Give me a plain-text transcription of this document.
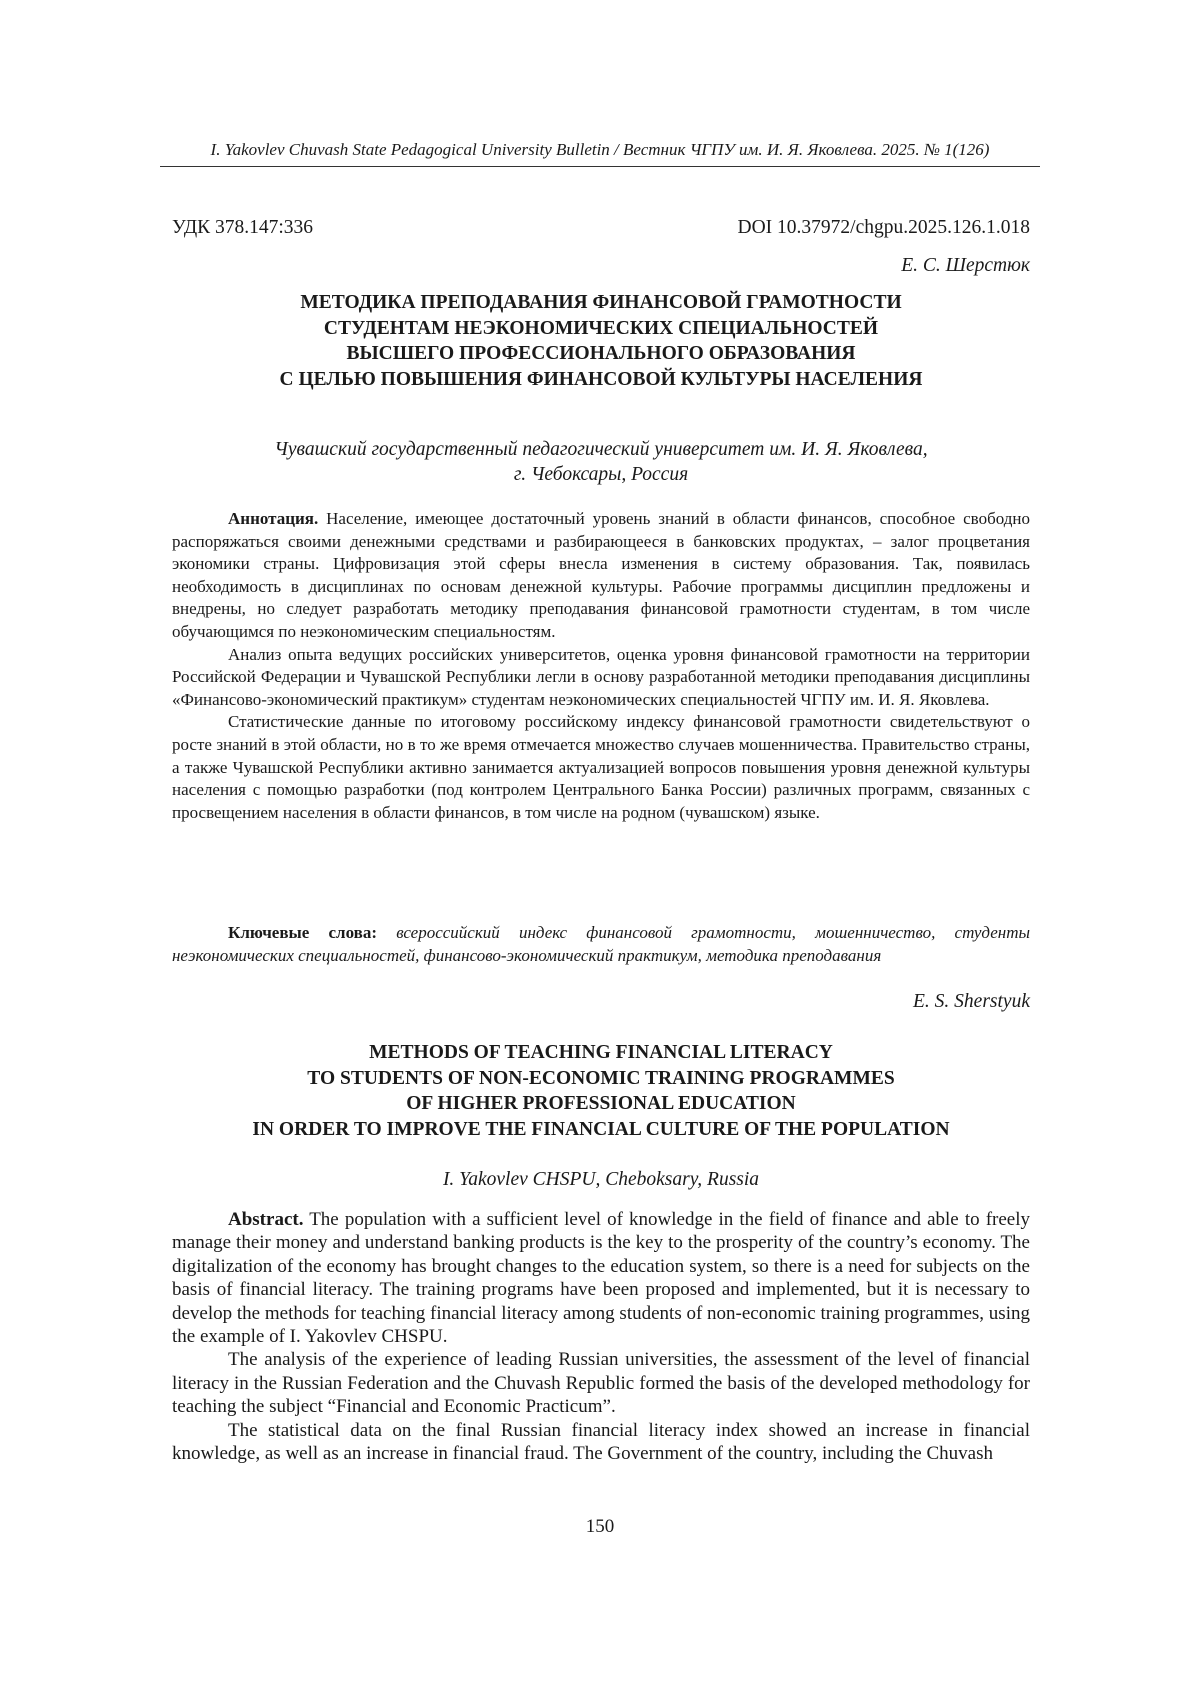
I. Yakovlev Chuvash State Pedagogical University Bulletin / Вестник ЧГПУ им. И. Я. Яковлева. 2025. № 1(126)
УДК 378.147:336	DOI 10.37972/chgpu.2025.126.1.018
Е. С. Шерстюк
МЕТОДИКА ПРЕПОДАВАНИЯ ФИНАНСОВОЙ ГРАМОТНОСТИ
СТУДЕНТАМ НЕЭКОНОМИЧЕСКИХ СПЕЦИАЛЬНОСТЕЙ
ВЫСШЕГО ПРОФЕССИОНАЛЬНОГО ОБРАЗОВАНИЯ
С ЦЕЛЬЮ ПОВЫШЕНИЯ ФИНАНСОВОЙ КУЛЬТУРЫ НАСЕЛЕНИЯ
Чувашский государственный педагогический университет им. И. Я. Яковлева,
г. Чебоксары, Россия

Аннотация. Население, имеющее достаточный уровень знаний в области финансов, способное свободно распоряжаться своими денежными средствами и разбирающееся в банковских продуктах, – залог процветания экономики страны. Цифровизация этой сферы внесла изменения в систему образования. Так, появилась необходимость в дисциплинах по основам денежной культуры. Рабочие программы дисциплин предложены и внедрены, но следует разработать методику преподавания финансовой грамотности студентам, в том числе обучающимся по неэкономическим специальностям.

Анализ опыта ведущих российских университетов, оценка уровня финансовой грамотности на территории Российской Федерации и Чувашской Республики легли в основу разработанной методики преподавания дисциплины «Финансово-экономический практикум» студентам неэкономических специальностей ЧГПУ им. И. Я. Яковлева.

Статистические данные по итоговому российскому индексу финансовой грамотности свидетельствуют о росте знаний в этой области, но в то же время отмечается множество случаев мошенничества. Правительство страны, а также Чувашской Республики активно занимается актуализацией вопросов повышения уровня денежной культуры населения с помощью разработки (под контролем Центрального Банка России) различных программ, связанных с просвещением населения в области финансов, в том числе на родном (чувашском) языке.

Ключевые слова: всероссийский индекс финансовой грамотности, мошенничество, студенты неэкономических специальностей, финансово-экономический практикум, методика преподавания
E. S. Sherstyuk
METHODS OF TEACHING FINANCIAL LITERACY
TO STUDENTS OF NON-ECONOMIC TRAINING PROGRAMMES
OF HIGHER PROFESSIONAL EDUCATION
IN ORDER TO IMPROVE THE FINANCIAL CULTURE OF THE POPULATION
I. Yakovlev CHSPU, Cheboksary, Russia

Abstract. The population with a sufficient level of knowledge in the field of finance and able to freely manage their money and understand banking products is the key to the prosperity of the country’s economy. The digitalization of the economy has brought changes to the education system, so there is a need for subjects on the basis of financial literacy. The training programs have been proposed and implemented, but it is necessary to develop the methods for teaching financial literacy among students of non-economic training programmes, using the example of I. Yakovlev CHSPU.

The analysis of the experience of leading Russian universities, the assessment of the level of financial literacy in the Russian Federation and the Chuvash Republic formed the basis of the developed methodology for teaching the subject “Financial and Economic Practicum”.

The statistical data on the final Russian financial literacy index showed an increase in financial knowledge, as well as an increase in financial fraud. The Government of the country, including the Chuvash

150
